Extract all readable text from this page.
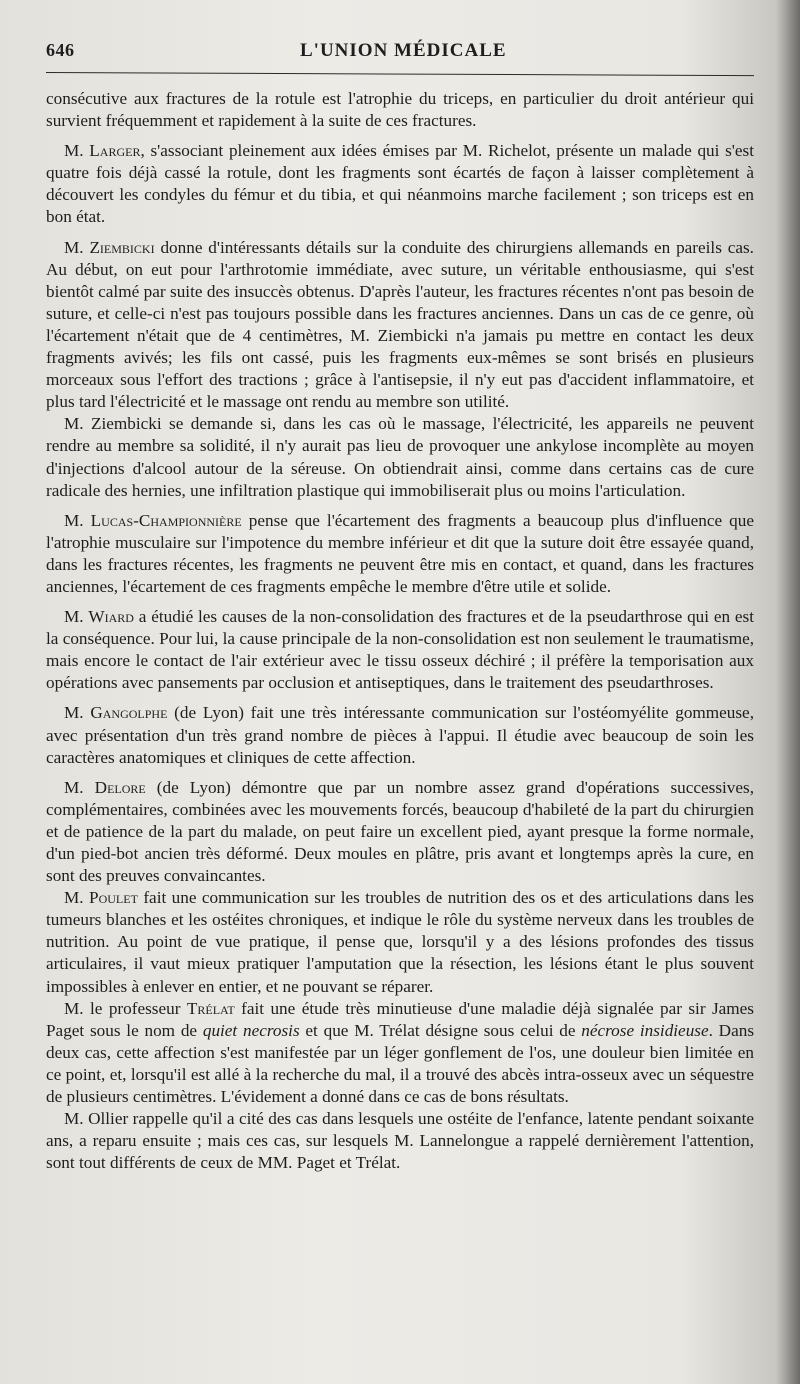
646	L'UNION MÉDICALE

consécutive aux fractures de la rotule est l'atrophie du triceps, en particulier du droit antérieur qui survient fréquemment et rapidement à la suite de ces fractures.

M. Larger, s'associant pleinement aux idées émises par M. Richelot, présente un malade qui s'est quatre fois déjà cassé la rotule, dont les fragments sont écartés de façon à laisser complètement à découvert les condyles du fémur et du tibia, et qui néanmoins marche facilement ; son triceps est en bon état.

M. Ziembicki donne d'intéressants détails sur la conduite des chirurgiens allemands en pareils cas. Au début, on eut pour l'arthrotomie immédiate, avec suture, un véritable enthousiasme, qui s'est bientôt calmé par suite des insuccès obtenus. D'après l'auteur, les fractures récentes n'ont pas besoin de suture, et celle-ci n'est pas toujours possible dans les fractures anciennes. Dans un cas de ce genre, où l'écartement n'était que de 4 centimètres, M. Ziembicki n'a jamais pu mettre en contact les deux fragments avivés; les fils ont cassé, puis les fragments eux-mêmes se sont brisés en plusieurs morceaux sous l'effort des tractions ; grâce à l'antisepsie, il n'y eut pas d'accident inflammatoire, et plus tard l'électricité et le massage ont rendu au membre son utilité.

M. Ziembicki se demande si, dans les cas où le massage, l'électricité, les appareils ne peuvent rendre au membre sa solidité, il n'y aurait pas lieu de provoquer une ankylose incomplète au moyen d'injections d'alcool autour de la séreuse. On obtiendrait ainsi, comme dans certains cas de cure radicale des hernies, une infiltration plastique qui immobiliserait plus ou moins l'articulation.

M. Lucas-Championnière pense que l'écartement des fragments a beaucoup plus d'influence que l'atrophie musculaire sur l'impotence du membre inférieur et dit que la suture doit être essayée quand, dans les fractures récentes, les fragments ne peuvent être mis en contact, et quand, dans les fractures anciennes, l'écartement de ces fragments empêche le membre d'être utile et solide.

M. Wiard a étudié les causes de la non-consolidation des fractures et de la pseudarthrose qui en est la conséquence. Pour lui, la cause principale de la non-consolidation est non seulement le traumatisme, mais encore le contact de l'air extérieur avec le tissu osseux déchiré ; il préfère la temporisation aux opérations avec pansements par occlusion et antiseptiques, dans le traitement des pseudarthroses.

M. Gangolphe (de Lyon) fait une très intéressante communication sur l'ostéomyélite gommeuse, avec présentation d'un très grand nombre de pièces à l'appui. Il étudie avec beaucoup de soin les caractères anatomiques et cliniques de cette affection.

M. Delore (de Lyon) démontre que par un nombre assez grand d'opérations successives, complémentaires, combinées avec les mouvements forcés, beaucoup d'habileté de la part du chirurgien et de patience de la part du malade, on peut faire un excellent pied, ayant presque la forme normale, d'un pied-bot ancien très déformé. Deux moules en plâtre, pris avant et longtemps après la cure, en sont des preuves convaincantes.

M. Poulet fait une communication sur les troubles de nutrition des os et des articulations dans les tumeurs blanches et les ostéites chroniques, et indique le rôle du système nerveux dans les troubles de nutrition. Au point de vue pratique, il pense que, lorsqu'il y a des lésions profondes des tissus articulaires, il vaut mieux pratiquer l'amputation que la résection, les lésions étant le plus souvent impossibles à enlever en entier, et ne pouvant se réparer.

M. le professeur Trélat fait une étude très minutieuse d'une maladie déjà signalée par sir James Paget sous le nom de quiet necrosis et que M. Trélat désigne sous celui de nécrose insidieuse. Dans deux cas, cette affection s'est manifestée par un léger gonflement de l'os, une douleur bien limitée en ce point, et, lorsqu'il est allé à la recherche du mal, il a trouvé des abcès intra-osseux avec un séquestre de plusieurs centimètres. L'évidement a donné dans ce cas de bons résultats.

M. Ollier rappelle qu'il a cité des cas dans lesquels une ostéite de l'enfance, latente pendant soixante ans, a reparu ensuite ; mais ces cas, sur lesquels M. Lannelongue a rappelé dernièrement l'attention, sont tout différents de ceux de MM. Paget et Trélat.
